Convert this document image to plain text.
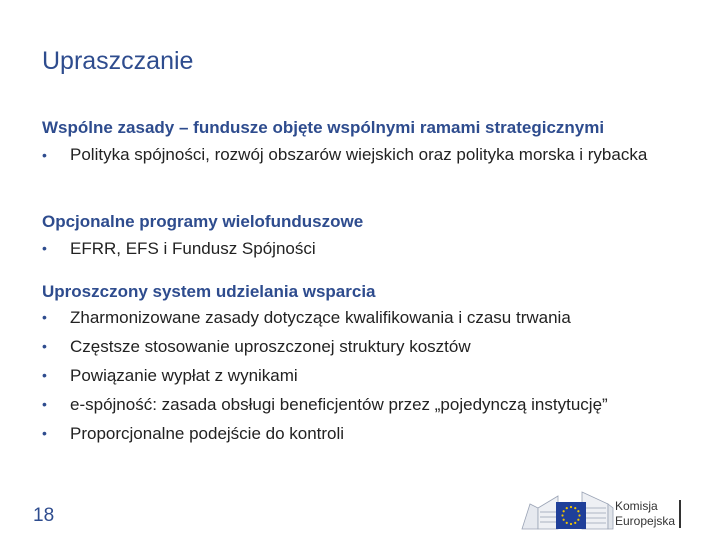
Upraszczanie
Wspólne zasady – fundusze objęte wspólnymi ramami strategicznymi
•	Polityka spójności, rozwój obszarów wiejskich oraz polityka morska i rybacka
Opcjonalne programy wielofunduszowe
•	EFRR, EFS i Fundusz Spójności
Uproszczony system udzielania wsparcia
•	Zharmonizowane zasady dotyczące kwalifikowania i czasu trwania
•	Częstsze stosowanie uproszczonej struktury kosztów
•	Powiązanie wypłat z wynikami
•	e-spójność: zasada obsługi beneficjentów przez „pojedynczą instytucję”
•	Proporcjonalne podejście do kontroli
18	Komisja
Europejska
